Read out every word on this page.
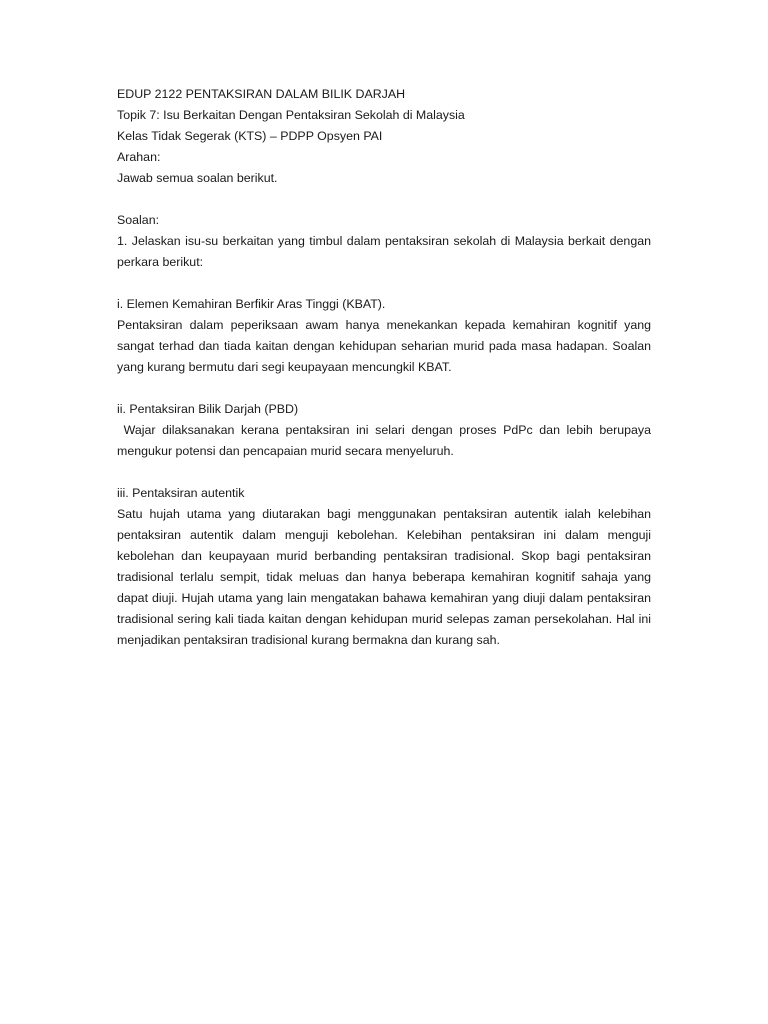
EDUP 2122 PENTAKSIRAN DALAM BILIK DARJAH
Topik 7: Isu Berkaitan Dengan Pentaksiran Sekolah di Malaysia
Kelas Tidak Segerak (KTS) – PDPP Opsyen PAI
Arahan:
Jawab semua soalan berikut.
Soalan:
1. Jelaskan isu-su berkaitan yang timbul dalam pentaksiran sekolah di Malaysia berkait dengan perkara berikut:
i. Elemen Kemahiran Berfikir Aras Tinggi (KBAT).
Pentaksiran dalam peperiksaan awam hanya menekankan kepada kemahiran kognitif yang sangat terhad dan tiada kaitan dengan kehidupan seharian murid pada masa hadapan. Soalan yang kurang bermutu dari segi keupayaan mencungkil KBAT.
ii. Pentaksiran Bilik Darjah (PBD)
Wajar dilaksanakan kerana pentaksiran ini selari dengan proses PdPc dan lebih berupaya mengukur potensi dan pencapaian murid secara menyeluruh.
iii. Pentaksiran autentik
Satu hujah utama yang diutarakan bagi menggunakan pentaksiran autentik ialah kelebihan pentaksiran autentik dalam menguji kebolehan. Kelebihan pentaksiran ini dalam menguji kebolehan dan keupayaan murid berbanding pentaksiran tradisional. Skop bagi pentaksiran tradisional terlalu sempit, tidak meluas dan hanya beberapa kemahiran kognitif sahaja yang dapat diuji. Hujah utama yang lain mengatakan bahawa kemahiran yang diuji dalam pentaksiran tradisional sering kali tiada kaitan dengan kehidupan murid selepas zaman persekolahan. Hal ini menjadikan pentaksiran tradisional kurang bermakna dan kurang sah.
